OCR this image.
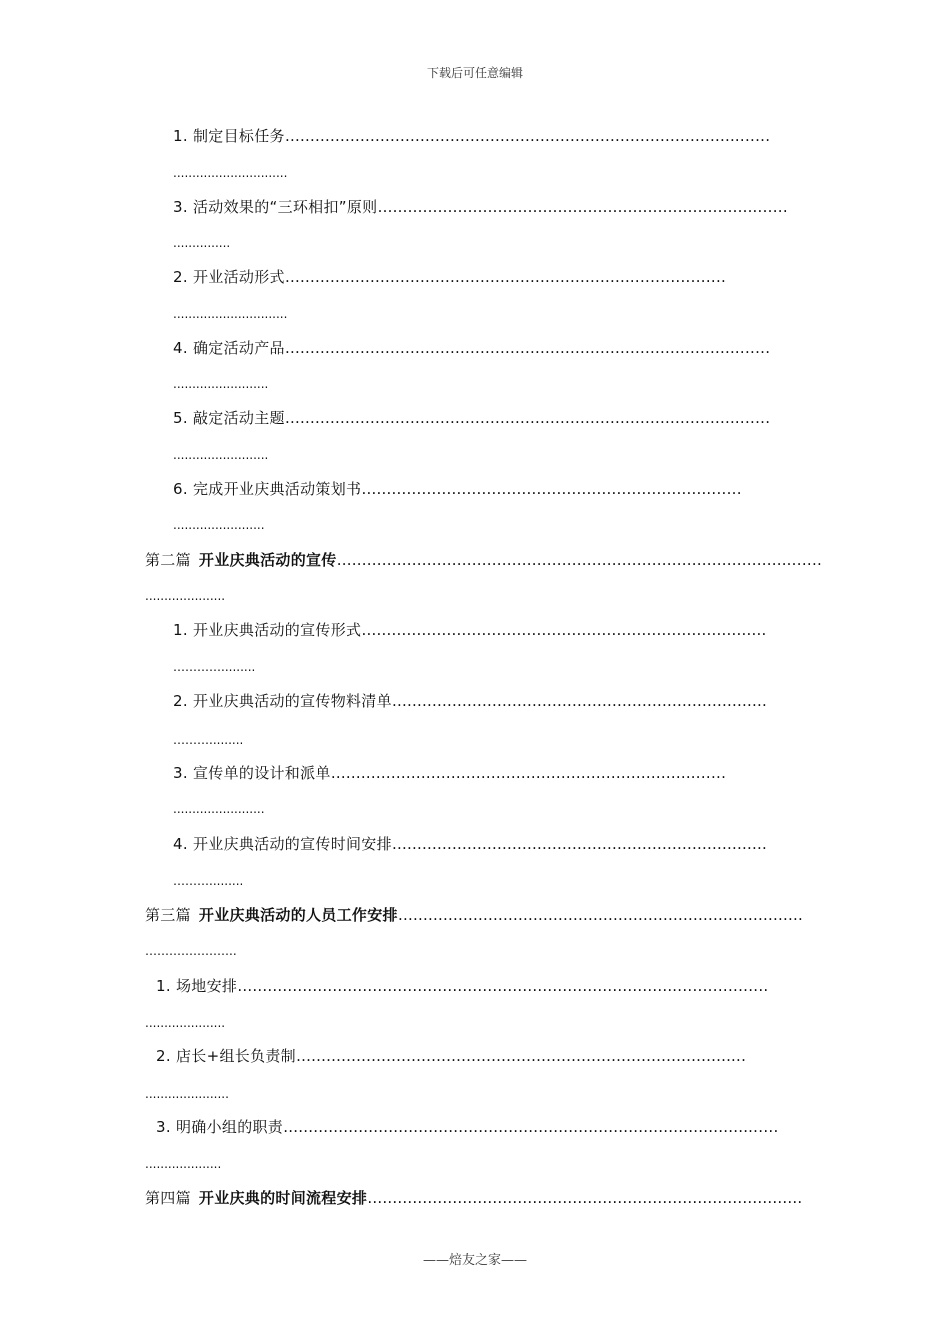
下载后可任意编辑
1. 制定目标任务……………………………………………………………………………….......
..............................
3. 活动效果的“三环相扣”原则………………………………………………………………….......
...............
2. 开业活动形式……………………………………………………………...................
..............................
4. 确定活动产品……………………………………………………………………………….......
.........................
5. 敲定活动主题……………………………………………………………………………….......
.........................
6. 完成开业庆典活动策划书…………………………………………………………….......
........................
第二篇 开业庆典活动的宣传……………………………………………………………………………….......
.....................
1. 开业庆典活动的宣传形式………………………………………………………………………
………….........
2. 开业庆典活动的宣传物料清单…………………………………………………………………
……….........
3. 宣传单的设计和派单……………………………………………………………….......
........................
4. 开业庆典活动的宣传时间安排…………………………………………………………………
……….........
第三篇 开业庆典活动的人员工作安排………………………………………………………………………
…………………..
1. 场地安排……………………………………………………………………………...................
.....................
2. 店长+组长负责制……………………………………………………………………………...
......................
3. 明确小组的职责…………………………………………………………………………………......
....................
第四篇 开业庆典的时间流程安排……………………………………………………………………………
——焙友之家——
